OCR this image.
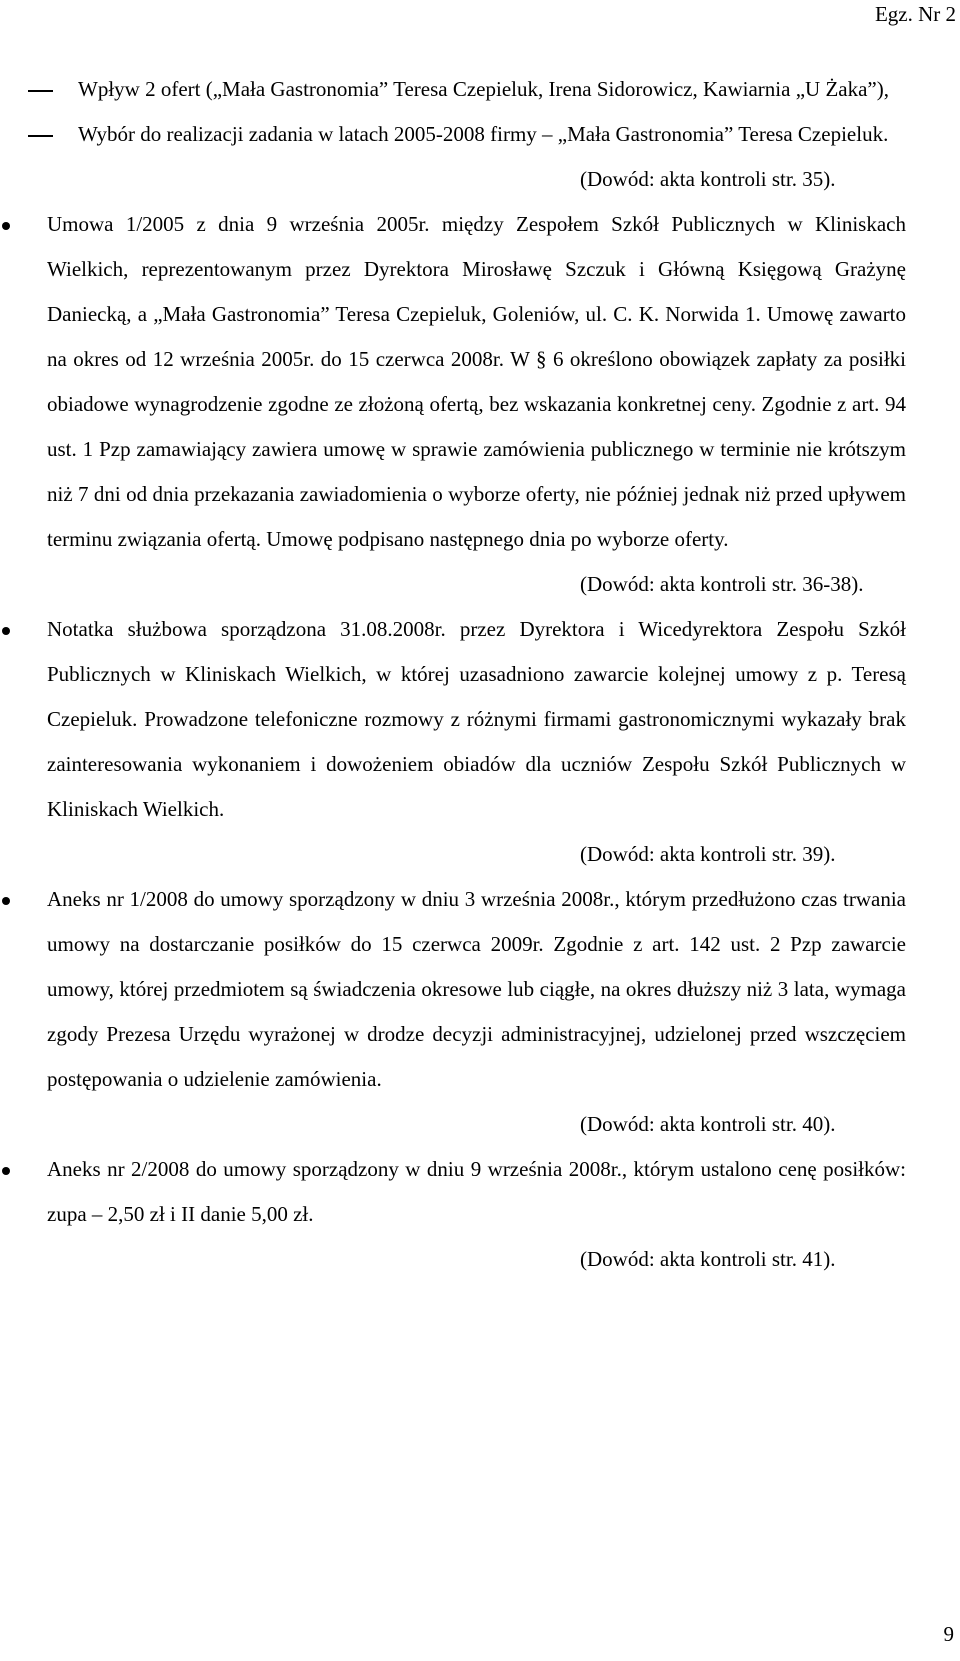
Egz. Nr 2
Wpływ 2 ofert („Mała Gastronomia” Teresa Czepieluk, Irena Sidorowicz, Kawiarnia „U Żaka”),
Wybór do realizacji zadania w latach 2005-2008 firmy – „Mała Gastronomia” Teresa Czepieluk.
(Dowód: akta kontroli str. 35).
Umowa 1/2005 z dnia 9 września 2005r. między Zespołem Szkół Publicznych w Kliniskach Wielkich, reprezentowanym przez Dyrektora Mirosławę Szczuk i Główną Księgową Grażynę Daniecką, a „Mała Gastronomia” Teresa Czepieluk, Goleniów, ul. C. K. Norwida 1. Umowę zawarto na okres od 12 września 2005r. do 15 czerwca 2008r. W § 6 określono obowiązek zapłaty za posiłki obiadowe wynagrodzenie zgodne ze złożoną ofertą, bez wskazania konkretnej ceny. Zgodnie z art. 94 ust. 1 Pzp zamawiający zawiera umowę w sprawie zamówienia publicznego w terminie nie krótszym niż 7 dni od dnia przekazania zawiadomienia o wyborze oferty, nie później jednak niż przed upływem terminu związania ofertą. Umowę podpisano następnego dnia po wyborze oferty.
(Dowód: akta kontroli str. 36-38).
Notatka służbowa sporządzona 31.08.2008r. przez Dyrektora i Wicedyrektora Zespołu Szkół Publicznych w Kliniskach Wielkich, w której uzasadniono zawarcie kolejnej umowy z p. Teresą Czepieluk. Prowadzone telefoniczne rozmowy z różnymi firmami gastronomicznymi wykazały brak zainteresowania wykonaniem i dowożeniem obiadów dla uczniów Zespołu Szkół Publicznych w Kliniskach Wielkich.
(Dowód: akta kontroli str. 39).
Aneks nr 1/2008 do umowy sporządzony w dniu 3 września 2008r., którym przedłużono czas trwania umowy na dostarczanie posiłków do 15 czerwca 2009r. Zgodnie z art. 142 ust. 2 Pzp zawarcie umowy, której przedmiotem są świadczenia okresowe lub ciągłe, na okres dłuższy niż 3 lata, wymaga zgody Prezesa Urzędu wyrażonej w drodze decyzji administracyjnej, udzielonej przed wszczęciem postępowania o udzielenie zamówienia.
(Dowód: akta kontroli str. 40).
Aneks nr 2/2008 do umowy sporządzony w dniu 9 września 2008r., którym ustalono cenę posiłków: zupa – 2,50 zł i II danie 5,00 zł.
(Dowód: akta kontroli str. 41).
9
